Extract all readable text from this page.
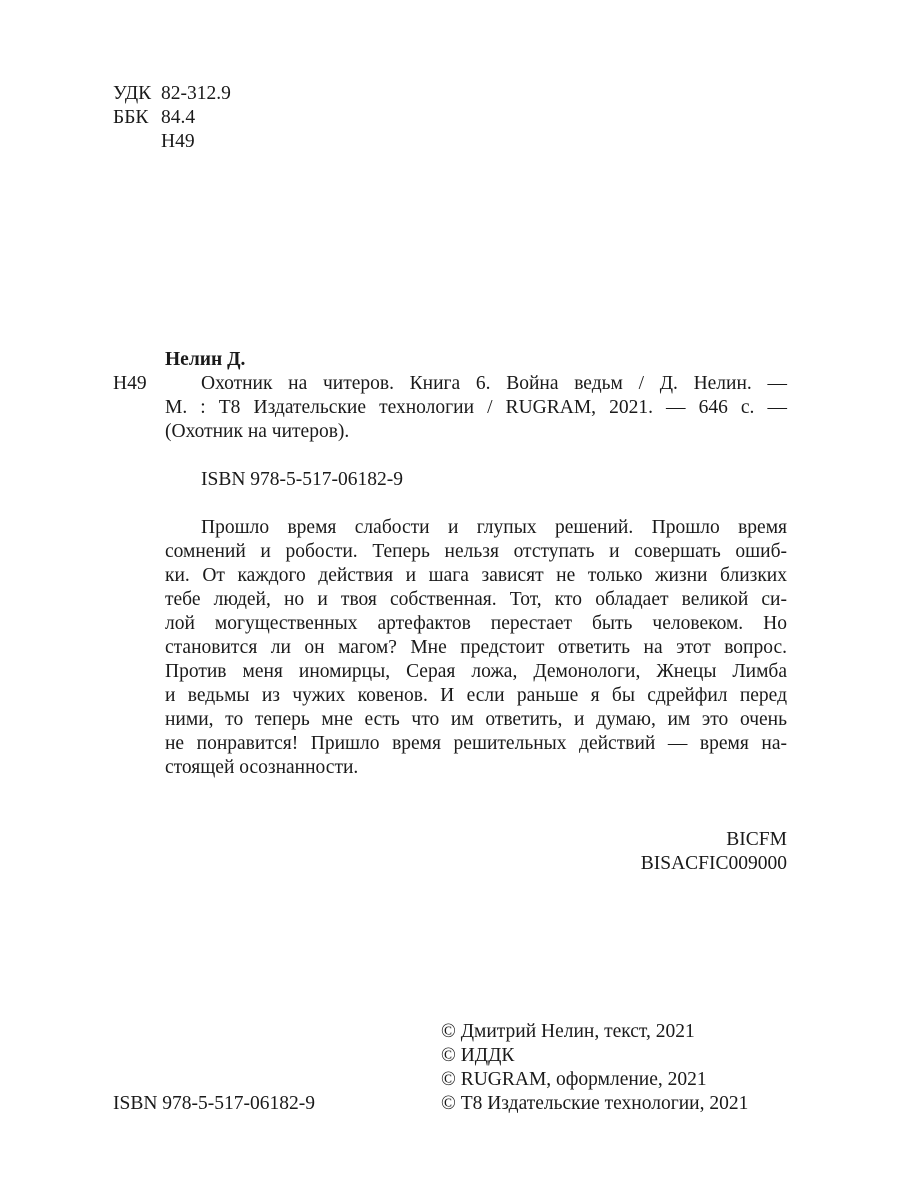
УДК 82-312.9
ББК 84.4
Н49
Нелин Д.
Н49	Охотник на читеров. Книга 6. Война ведьм / Д. Нелин. —
М. : Т8 Издательские технологии / RUGRAM, 2021. — 646 с. —
(Охотник на читеров).
ISBN 978-5-517-06182-9
Прошло время слабости и глупых решений. Прошло время
сомнений и робости. Теперь нельзя отступать и совершать ошиб-
ки. От каждого действия и шага зависят не только жизни близких
тебе людей, но и твоя собственная. Тот, кто обладает великой си-
лой могущественных артефактов перестает быть человеком. Но
становится ли он магом? Мне предстоит ответить на этот вопрос.
Против меня иномирцы, Серая ложа, Демонологи, Жнецы Лимба
и ведьмы из чужих ковенов. И если раньше я бы сдрейфил перед
ними, то теперь мне есть что им ответить, и думаю, им это очень
не понравится! Пришло время решительных действий — время на-
стоящей осознанности.
BICFM
BISACFIC009000
© Дмитрий Нелин, текст, 2021
© ИДДК
© RUGRAM, оформление, 2021
ISBN 978-5-517-06182-9	© Т8 Издательские технологии, 2021
